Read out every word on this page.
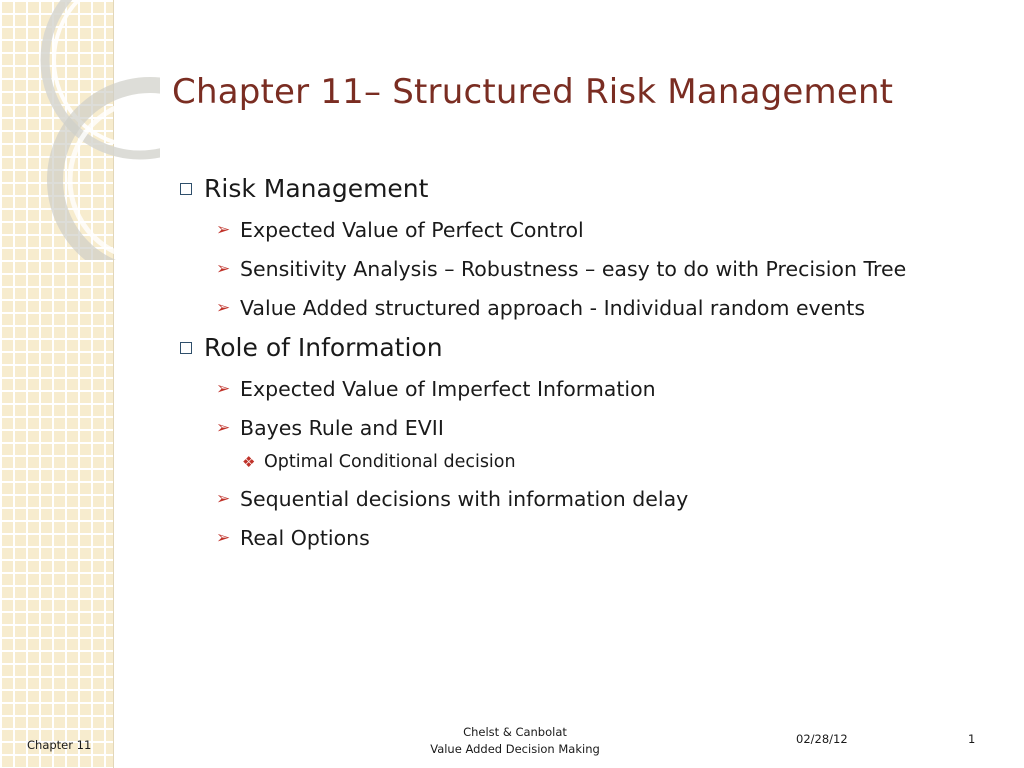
Chapter 11– Structured Risk Management
Risk Management
➢ Expected Value of Perfect Control
➢ Sensitivity Analysis – Robustness – easy to do with Precision Tree
➢ Value Added structured approach - Individual random events
Role of Information
➢ Expected Value of Imperfect Information
➢ Bayes Rule and EVII
❖ Optimal Conditional decision
➢ Sequential decisions with information delay
➢ Real Options
Chapter 11
Chelst & Canbolat
Value Added Decision Making
02/28/12	1
